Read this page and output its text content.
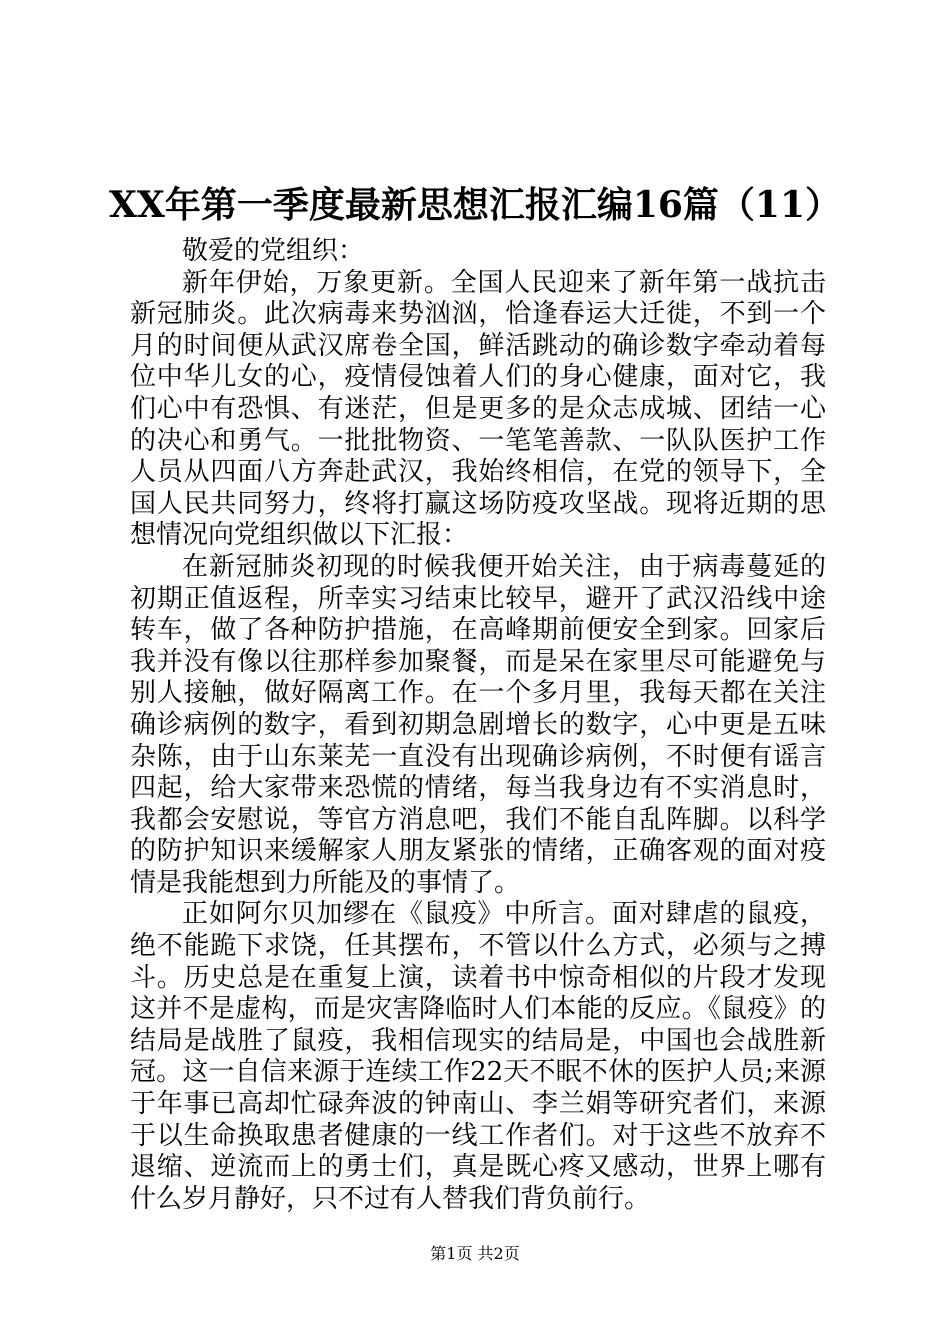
XX年第一季度最新思想汇报汇编16篇（11）

敬爱的党组织：

新年伊始，万象更新。全国人民迎来了新年第一战抗击新冠肺炎。此次病毒来势汹汹，恰逢春运大迁徙，不到一个月的时间便从武汉席卷全国，鲜活跳动的确诊数字牵动着每位中华儿女的心，疫情侵蚀着人们的身心健康，面对它，我们心中有恐惧、有迷茫，但是更多的是众志成城、团结一心的决心和勇气。一批批物资、一笔笔善款、一队队医护工作人员从四面八方奔赴武汉，我始终相信，在党的领导下，全国人民共同努力，终将打赢这场防疫攻坚战。现将近期的思想情况向党组织做以下汇报：

在新冠肺炎初现的时候我便开始关注，由于病毒蔓延的初期正值返程，所幸实习结束比较早，避开了武汉沿线中途转车，做了各种防护措施，在高峰期前便安全到家。回家后我并没有像以往那样参加聚餐，而是呆在家里尽可能避免与别人接触，做好隔离工作。在一个多月里，我每天都在关注确诊病例的数字，看到初期急剧增长的数字，心中更是五味杂陈，由于山东莱芜一直没有出现确诊病例，不时便有谣言四起，给大家带来恐慌的情绪，每当我身边有不实消息时，我都会安慰说，等官方消息吧，我们不能自乱阵脚。以科学的防护知识来缓解家人朋友紧张的情绪，正确客观的面对疫情是我能想到力所能及的事情了。

正如阿尔贝加缪在《鼠疫》中所言。面对肆虐的鼠疫，绝不能跪下求饶，任其摆布，不管以什么方式，必须与之搏斗。历史总是在重复上演，读着书中惊奇相似的片段才发现这并不是虚构，而是灾害降临时人们本能的反应。《鼠疫》的结局是战胜了鼠疫，我相信现实的结局是，中国也会战胜新冠。这一自信来源于连续工作22天不眠不休的医护人员;来源于年事已高却忙碌奔波的钟南山、李兰娟等研究者们，来源于以生命换取患者健康的一线工作者们。对于这些不放弃不退缩、逆流而上的勇士们，真是既心疼又感动，世界上哪有什么岁月静好，只不过有人替我们背负前行。

第1页 共2页
